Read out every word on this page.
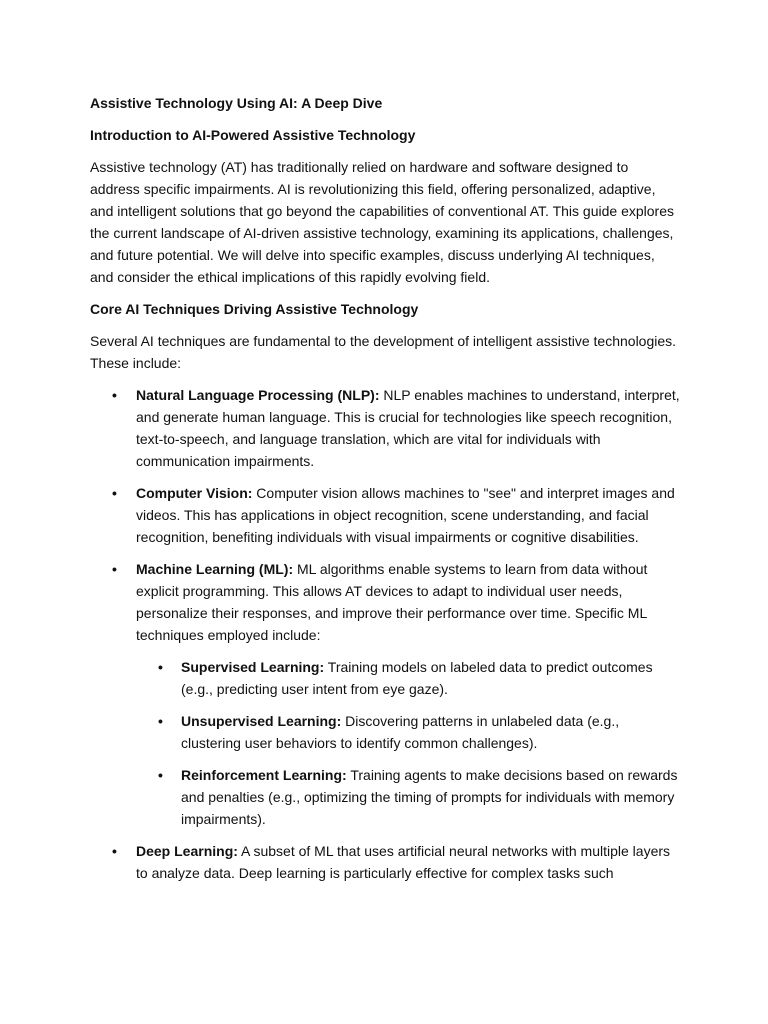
Assistive Technology Using AI: A Deep Dive
Introduction to AI-Powered Assistive Technology
Assistive technology (AT) has traditionally relied on hardware and software designed to address specific impairments. AI is revolutionizing this field, offering personalized, adaptive, and intelligent solutions that go beyond the capabilities of conventional AT. This guide explores the current landscape of AI-driven assistive technology, examining its applications, challenges, and future potential. We will delve into specific examples, discuss underlying AI techniques, and consider the ethical implications of this rapidly evolving field.
Core AI Techniques Driving Assistive Technology
Several AI techniques are fundamental to the development of intelligent assistive technologies. These include:
• Natural Language Processing (NLP): NLP enables machines to understand, interpret, and generate human language. This is crucial for technologies like speech recognition, text-to-speech, and language translation, which are vital for individuals with communication impairments.
• Computer Vision: Computer vision allows machines to "see" and interpret images and videos. This has applications in object recognition, scene understanding, and facial recognition, benefiting individuals with visual impairments or cognitive disabilities.
• Machine Learning (ML): ML algorithms enable systems to learn from data without explicit programming. This allows AT devices to adapt to individual user needs, personalize their responses, and improve their performance over time. Specific ML techniques employed include:
• Supervised Learning: Training models on labeled data to predict outcomes (e.g., predicting user intent from eye gaze).
• Unsupervised Learning: Discovering patterns in unlabeled data (e.g., clustering user behaviors to identify common challenges).
• Reinforcement Learning: Training agents to make decisions based on rewards and penalties (e.g., optimizing the timing of prompts for individuals with memory impairments).
• Deep Learning: A subset of ML that uses artificial neural networks with multiple layers to analyze data. Deep learning is particularly effective for complex tasks such
